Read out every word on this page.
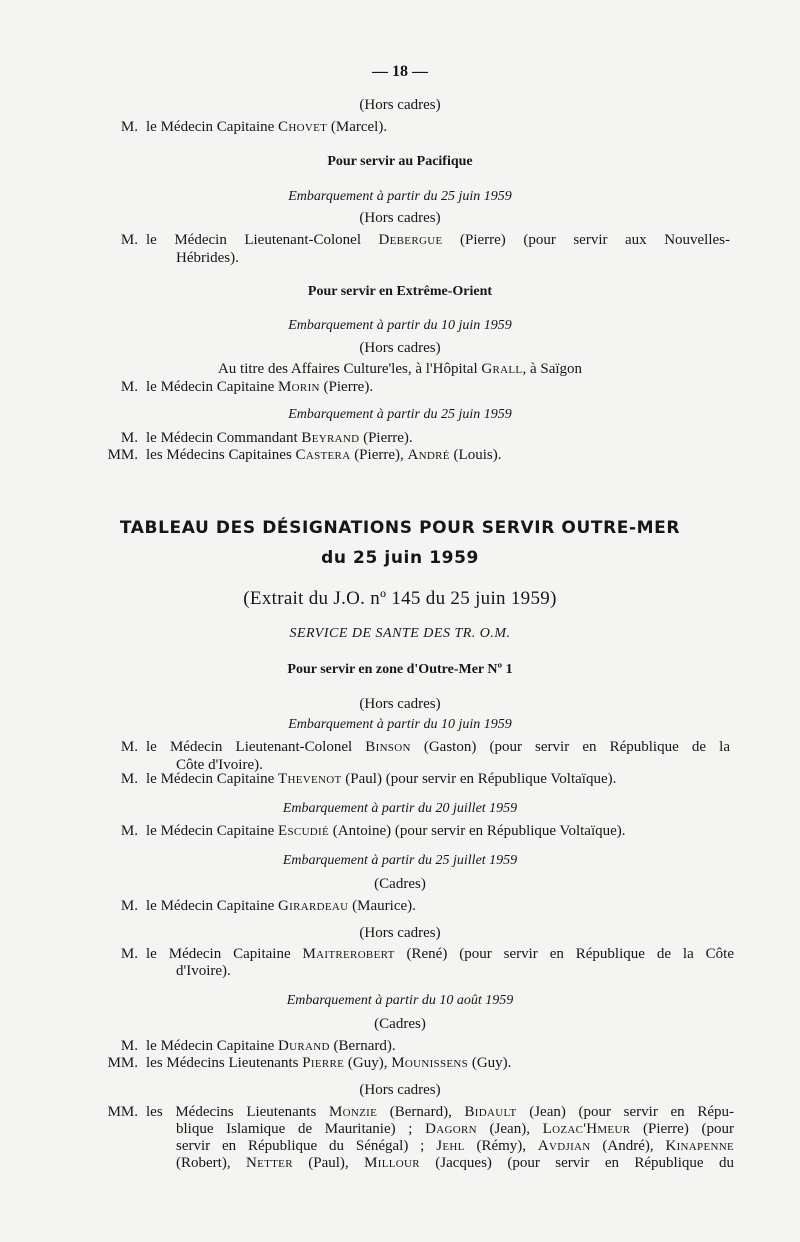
— 18 —
(Hors cadres)
M. le Médecin Capitaine Chovet (Marcel).
Pour servir au Pacifique
Embarquement à partir du 25 juin 1959
(Hors cadres)
M. le Médecin Lieutenant-Colonel Debergue (Pierre) (pour servir aux Nouvelles-
Hébrides).
Pour servir en Extrême-Orient
Embarquement à partir du 10 juin 1959
(Hors cadres)
Au titre des Affaires Culture'les, à l'Hôpital Grall, à Saïgon
M. le Médecin Capitaine Morin (Pierre).
Embarquement à partir du 25 juin 1959
M. le Médecin Commandant Beyrand (Pierre).
MM. les Médecins Capitaines Castera (Pierre), André (Louis).
TABLEAU DES DÉSIGNATIONS POUR SERVIR OUTRE-MER
du 25 juin 1959
(Extrait du J.O. nº 145 du 25 juin 1959)
SERVICE DE SANTE DES TR. O.M.
Pour servir en zone d'Outre-Mer Nº 1
(Hors cadres)
Embarquement à partir du 10 juin 1959
M. le Médecin Lieutenant-Colonel Binson (Gaston) (pour servir en République de la
Côte d'Ivoire).
M. le Médecin Capitaine Thevenot (Paul) (pour servir en République Voltaïque).
Embarquement à partir du 20 juillet 1959
M. le Médecin Capitaine Escudié (Antoine) (pour servir en République Voltaïque).
Embarquement à partir du 25 juillet 1959
(Cadres)
M. le Médecin Capitaine Girardeau (Maurice).
(Hors cadres)
M. le Médecin Capitaine Maitrerobert (René) (pour servir en République de la Côte
d'Ivoire).
Embarquement à partir du 10 août 1959
(Cadres)
M. le Médecin Capitaine Durand (Bernard).
MM. les Médecins Lieutenants Pierre (Guy), Mounissens (Guy).
(Hors cadres)
MM. les Médecins Lieutenants Monzie (Bernard), Bidault (Jean) (pour servir en Répu-
blique Islamique de Mauritanie) ; Dagorn (Jean), Lozac'Hmeur (Pierre) (pour
servir en République du Sénégal) ; Jehl (Rémy), Avdjian (André), Kinapenne
(Robert), Netter (Paul), Millour (Jacques) (pour servir en République du
